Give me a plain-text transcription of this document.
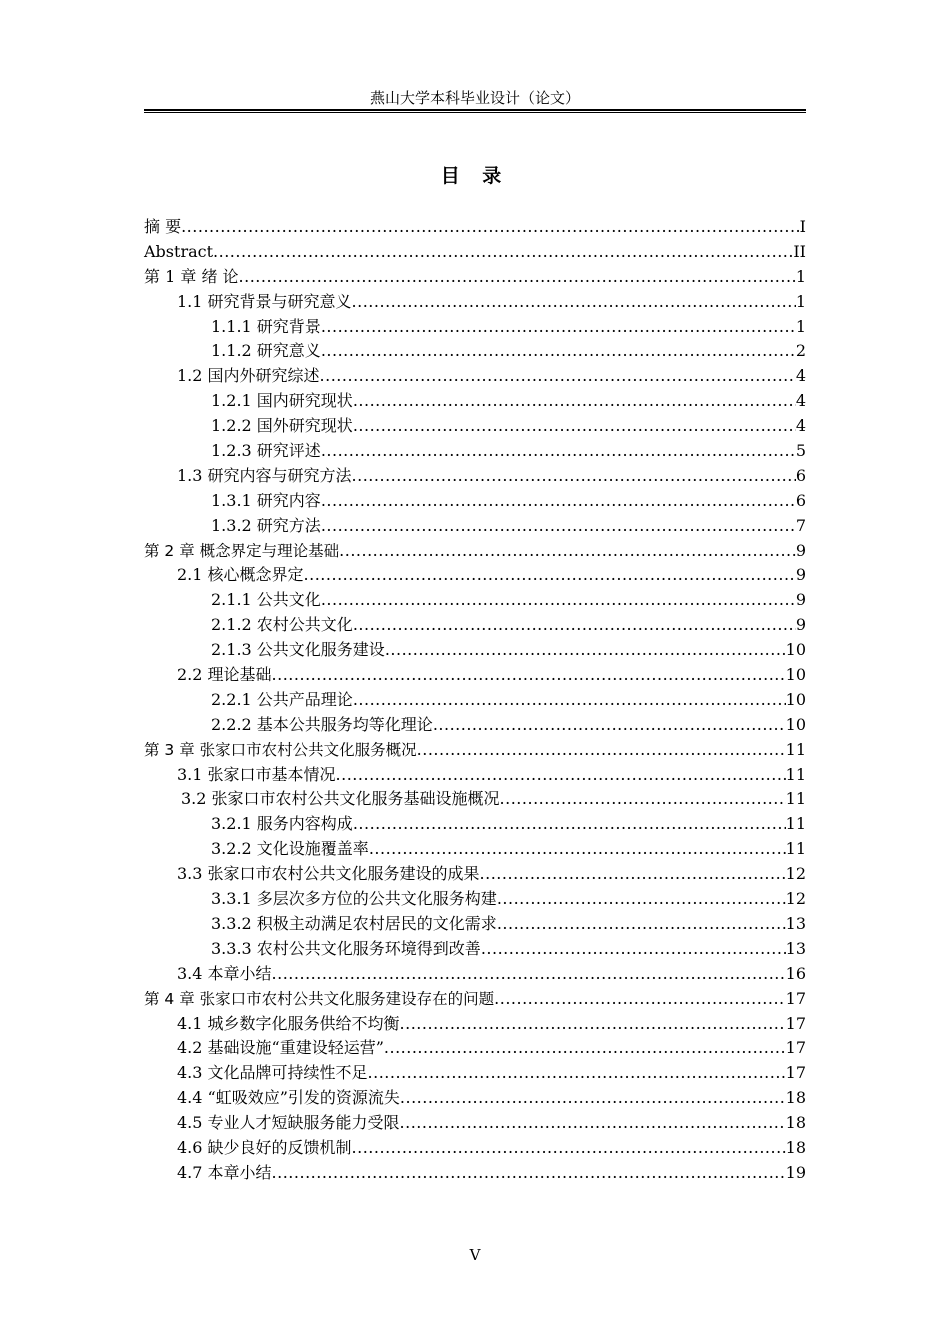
燕山大学本科毕业设计（论文）
目 录
摘 要 .....	I
Abstract .....	II
第 1 章 绪 论 .....	1
1.1 研究背景与研究意义 .....	1
1.1.1 研究背景 .....	1
1.1.2 研究意义 .....	2
1.2 国内外研究综述 .....	4
1.2.1 国内研究现状 .....	4
1.2.2 国外研究现状 .....	4
1.2.3 研究评述 .....	5
1.3 研究内容与研究方法 .....	6
1.3.1 研究内容 .....	6
1.3.2 研究方法 .....	7
第 2 章 概念界定与理论基础 .....	9
2.1 核心概念界定 .....	9
2.1.1 公共文化 .....	9
2.1.2 农村公共文化 .....	9
2.1.3 公共文化服务建设 .....	10
2.2 理论基础 .....	10
2.2.1 公共产品理论 .....	10
2.2.2 基本公共服务均等化理论 .....	10
第 3 章 张家口市农村公共文化服务概况 .....	11
3.1 张家口市基本情况 .....	11
3.2 张家口市农村公共文化服务基础设施概况 .....	11
3.2.1 服务内容构成 .....	11
3.2.2 文化设施覆盖率 .....	11
3.3 张家口市农村公共文化服务建设的成果 .....	12
3.3.1 多层次多方位的公共文化服务构建 .....	12
3.3.2 积极主动满足农村居民的文化需求 .....	13
3.3.3 农村公共文化服务环境得到改善 .....	13
3.4 本章小结 .....	16
第 4 章 张家口市农村公共文化服务建设存在的问题 .....	17
4.1 城乡数字化服务供给不均衡 .....	17
4.2 基础设施“重建设轻运营” .....	17
4.3 文化品牌可持续性不足 .....	17
4.4 “虹吸效应”引发的资源流失 .....	18
4.5 专业人才短缺服务能力受限 .....	18
4.6 缺少良好的反馈机制 .....	18
4.7 本章小结 .....	19
V
